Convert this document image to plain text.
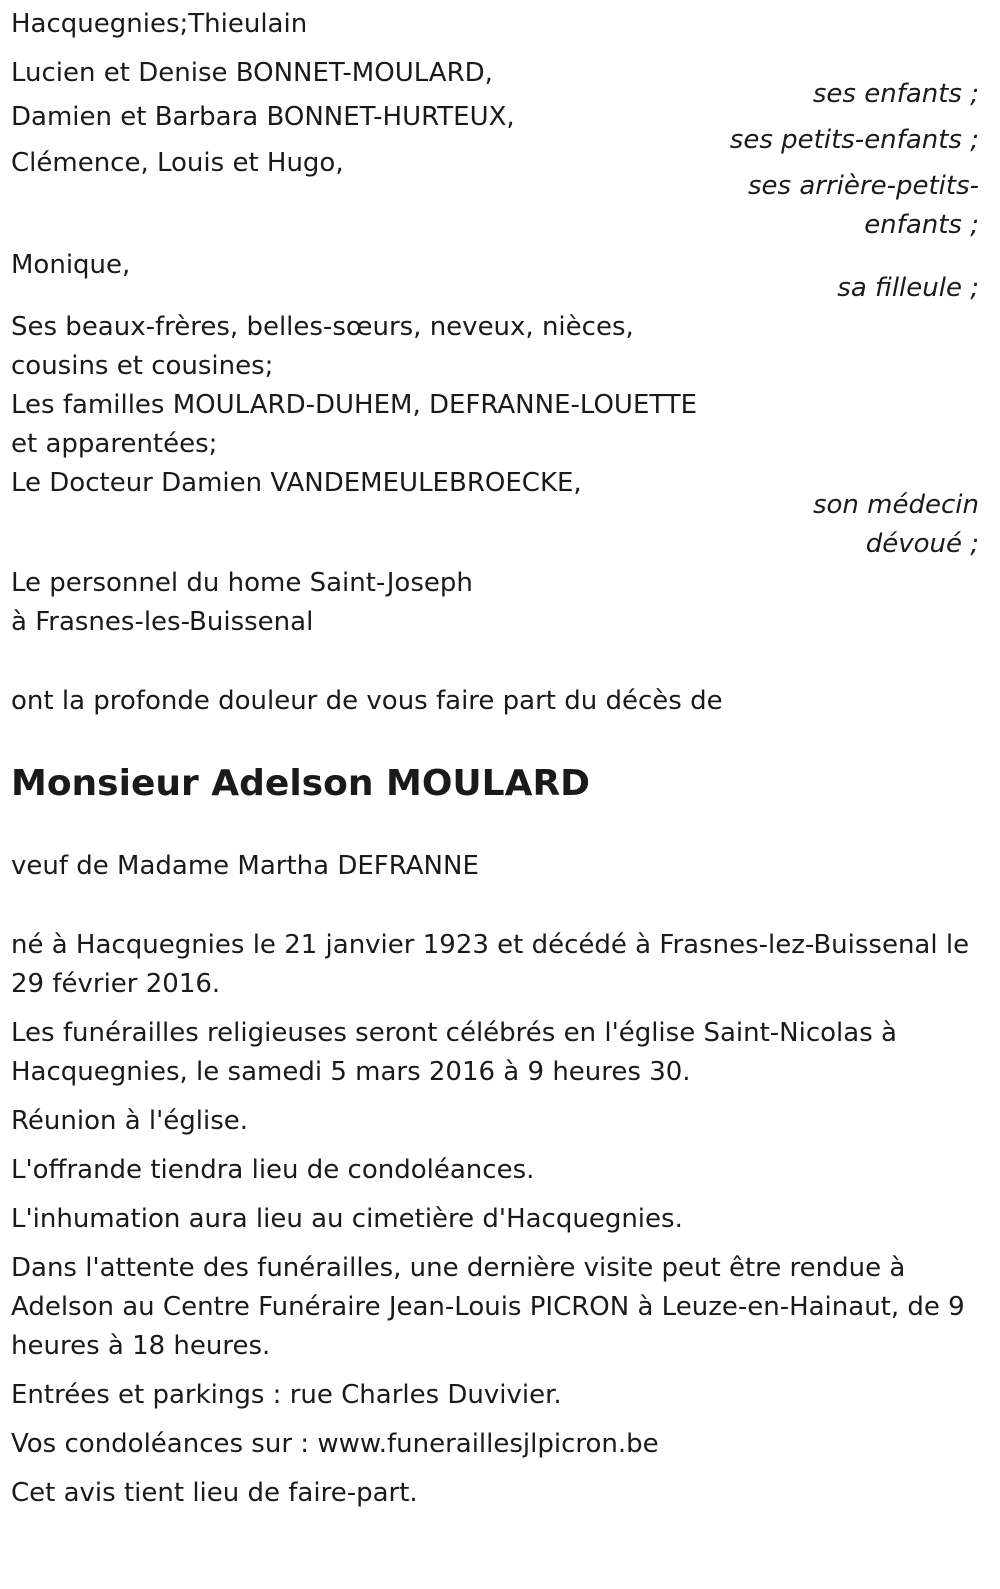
Hacquegnies;Thieulain
Lucien et Denise BONNET-MOULARD,
ses enfants ;
Damien et Barbara BONNET-HURTEUX,
ses petits-enfants ;
Clémence, Louis et Hugo,
ses arrière-petits-
enfants ;
Monique,
sa filleule ;
Ses beaux-frères, belles-sœurs, neveux, nièces,
cousins et cousines;
Les familles MOULARD-DUHEM, DEFRANNE-LOUETTE
et apparentées;
Le Docteur Damien VANDEMEULEBROECKE,
son médecin
dévoué ;
Le personnel du home Saint-Joseph
à Frasnes-les-Buissenal
ont la profonde douleur de vous faire part du décès de
Monsieur Adelson MOULARD
veuf de Madame Martha DEFRANNE
né à Hacquegnies le 21 janvier 1923 et décédé à Frasnes-lez-Buissenal le 29 février 2016.
Les funérailles religieuses seront célébrés en l'église Saint-Nicolas à Hacquegnies, le samedi 5 mars 2016 à 9 heures 30.
Réunion à l'église.
L'offrande tiendra lieu de condoléances.
L'inhumation aura lieu au cimetière d'Hacquegnies.
Dans l'attente des funérailles, une dernière visite peut être rendue à Adelson au Centre Funéraire Jean-Louis PICRON à Leuze-en-Hainaut, de 9 heures à 18 heures.
Entrées et parkings : rue Charles Duvivier.
Vos condoléances sur : www.funeraillesjlpicron.be
Cet avis tient lieu de faire-part.
